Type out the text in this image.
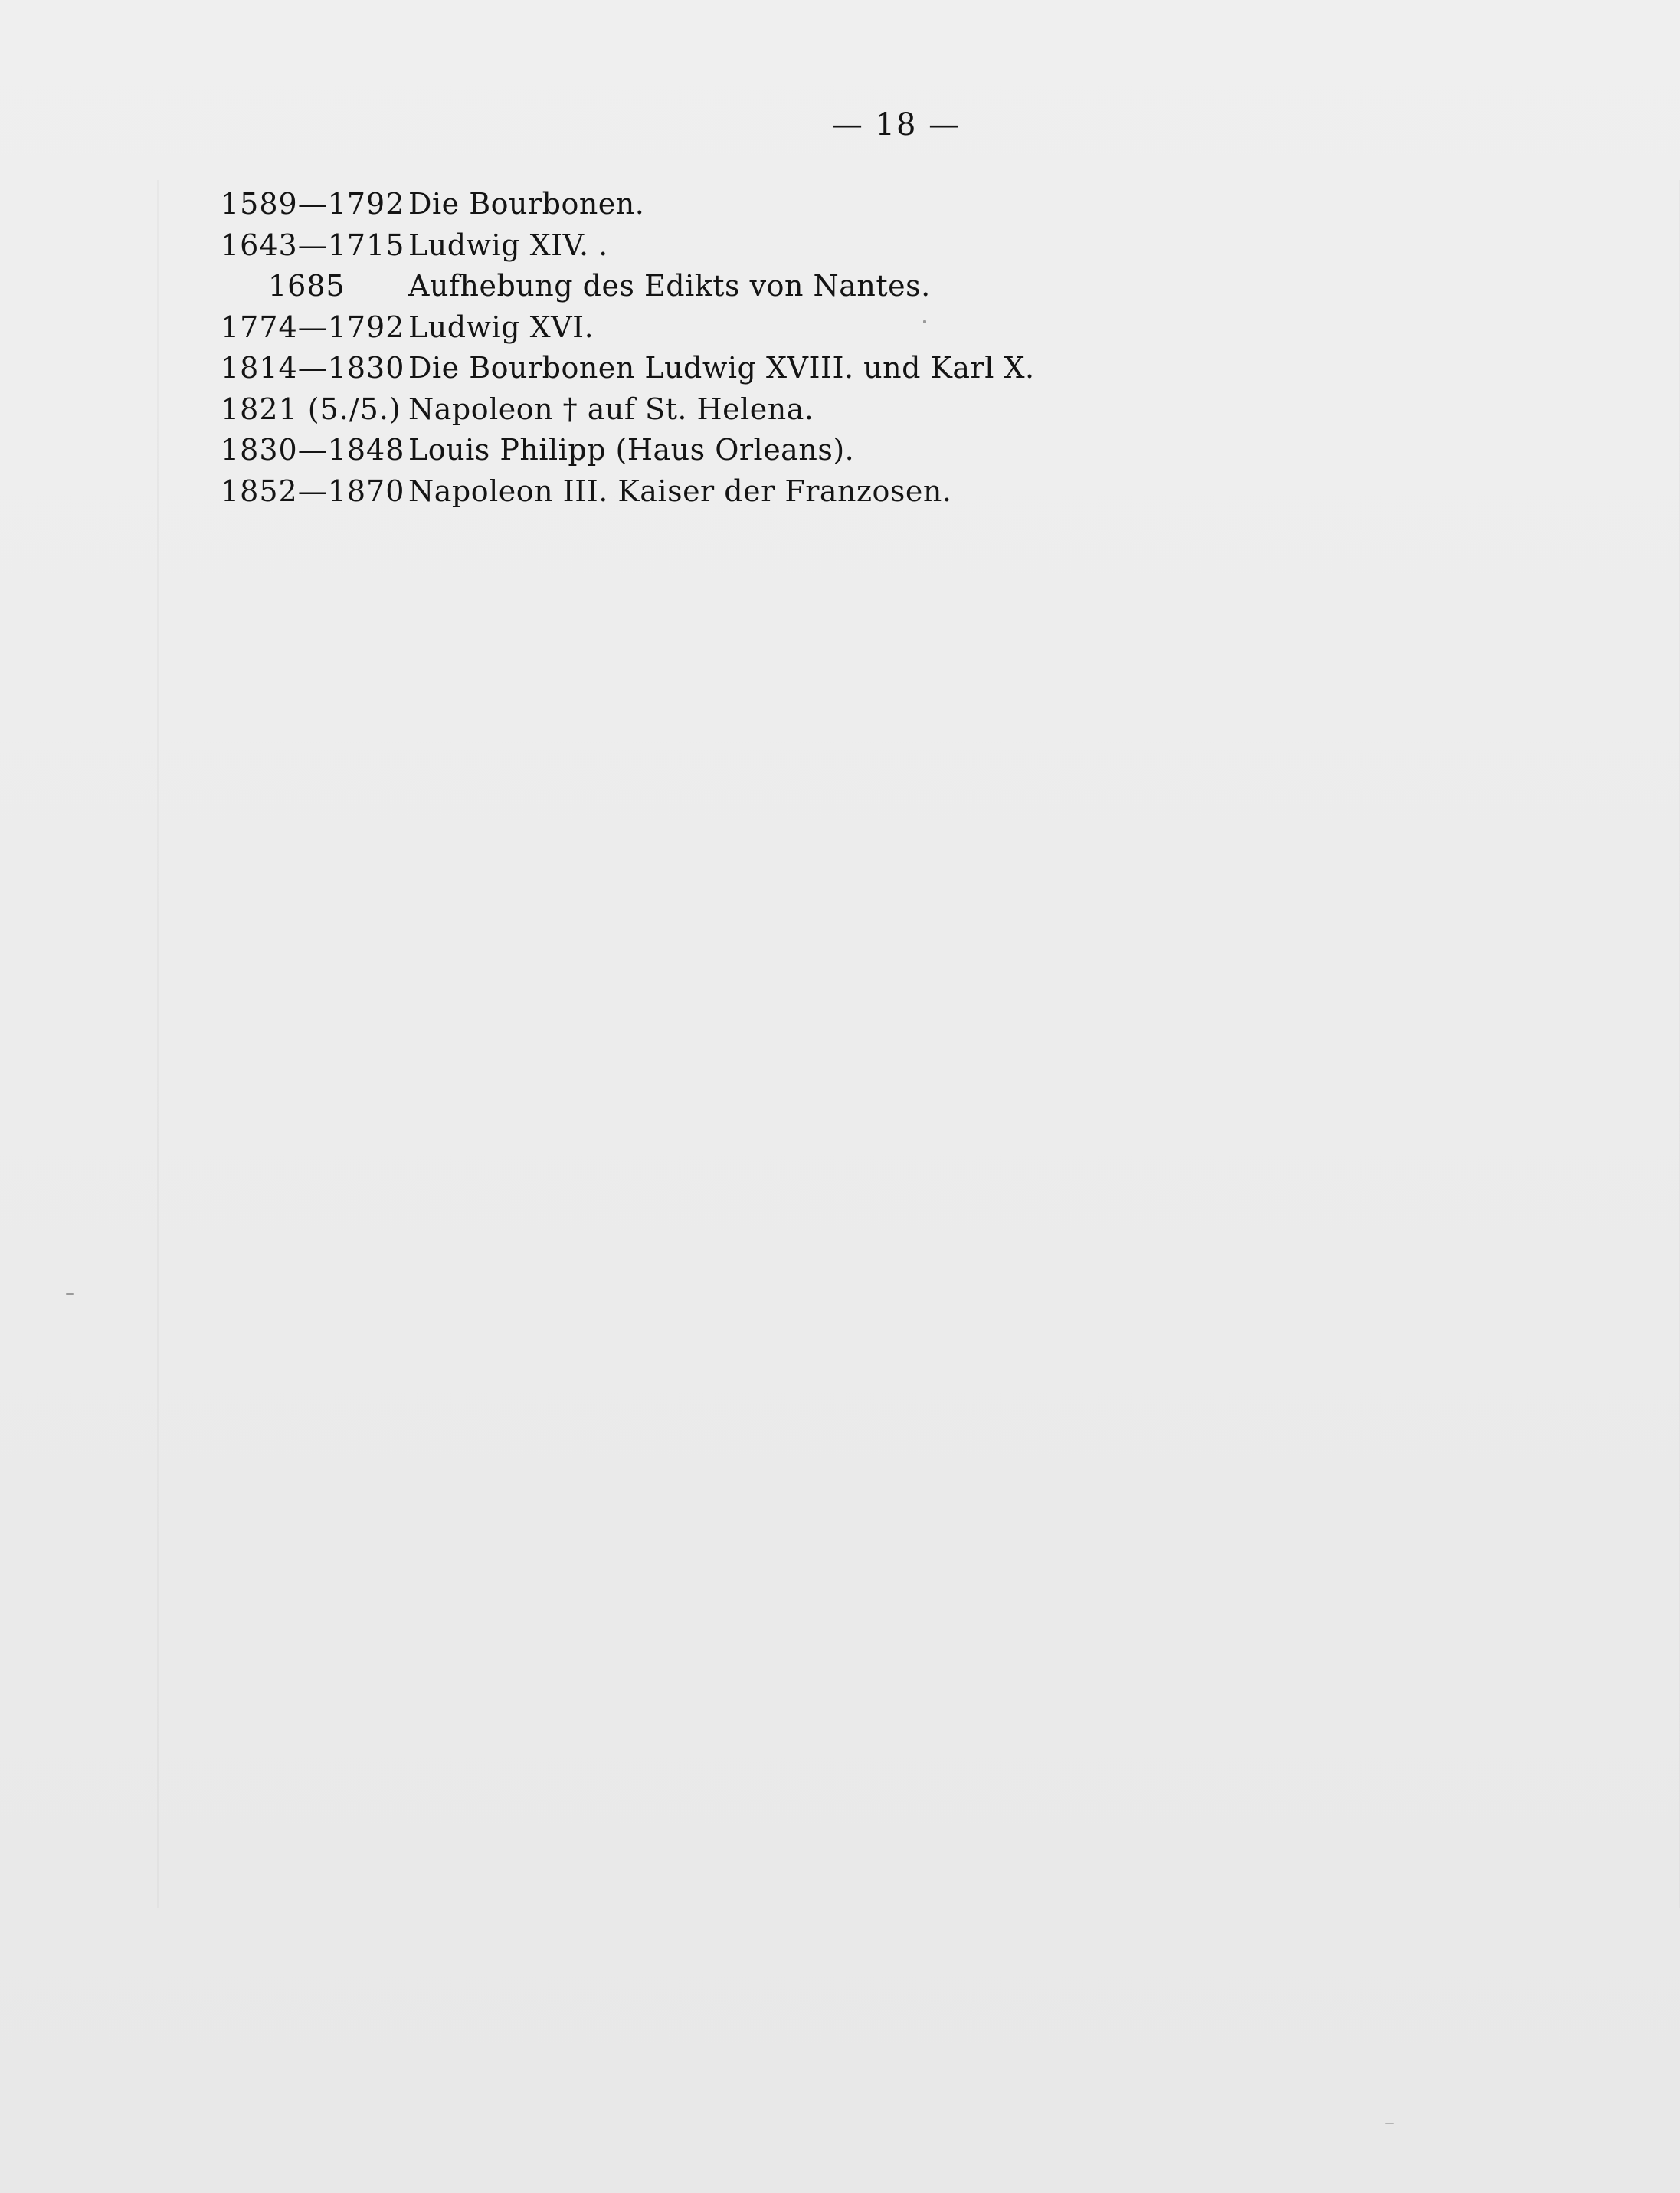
— 18 —
1589—1792 Die Bourbonen.
1643—1715 Ludwig XIV. .
1685	Aufhebung des Edikts von Nantes.
1774—1792 Ludwig XVI.
1814—1830 Die Bourbonen Ludwig XVIII. und Karl X.
1821 (5./5.) Napoleon † auf St. Helena.
1830—1848 Louis Philipp (Haus Orleans).
1852—1870 Napoleon III. Kaiser der Franzosen.
